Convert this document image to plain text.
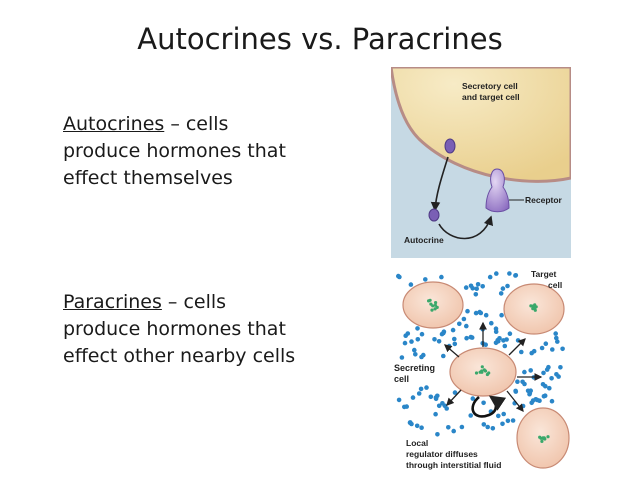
Autocrines vs. Paracrines
Autocrines – cells
produce hormones that
effect themselves
Paracrines – cells
produce hormones that
effect other nearby cells
Secretory cell
and target cell
Receptor
Autocrine
Target
cell
Secreting
cell
Local
regulator diffuses
through interstitial fluid
